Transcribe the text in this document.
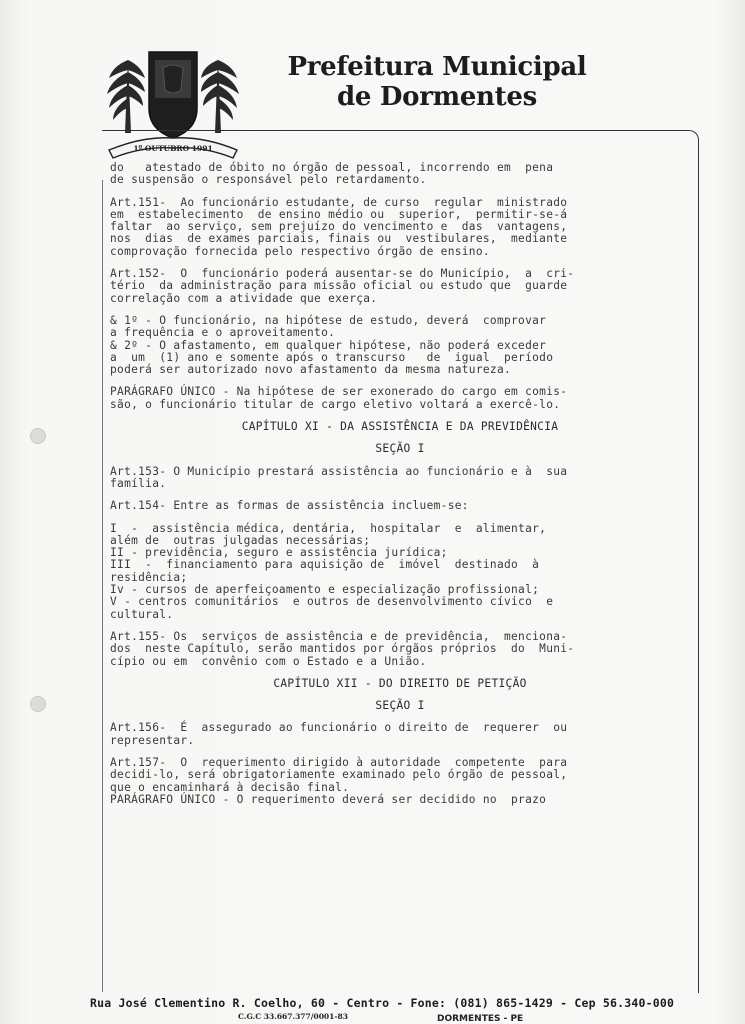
1º OUTUBRO 1991
Prefeitura Municipal
de Dormentes
do   atestado de óbito no órgão de pessoal, incorrendo em  pena
de suspensão o responsável pelo retardamento.
Art.151-  Ao funcionário estudante, de curso  regular  ministrado
em  estabelecimento  de ensino médio ou  superior,  permitir-se-á
faltar  ao serviço, sem prejuízo do vencimento e  das  vantagens,
nos  dias  de exames parciais, finais ou  vestibulares,  mediante
comprovação fornecida pelo respectivo órgão de ensino.
Art.152-  O  funcionário poderá ausentar-se do Município,  a  cri-
tério  da administração para missão oficial ou estudo que  guarde
correlação com a atividade que exerça.
& 1º - O funcionário, na hipótese de estudo, deverá  comprovar
a frequência e o aproveitamento.
& 2º - O afastamento, em qualquer hipótese, não poderá exceder
a  um  (1) ano e somente após o transcurso   de  igual  período
poderá ser autorizado novo afastamento da mesma natureza.
PARÁGRAFO ÚNICO - Na hipótese de ser exonerado do cargo em comis-
são, o funcionário titular de cargo eletivo voltará a exercê-lo.
CAPÍTULO XI - DA ASSISTÊNCIA E DA PREVIDÊNCIA
SEÇÃO I
Art.153- O Município prestará assistência ao funcionário e à  sua
família.
Art.154- Entre as formas de assistência incluem-se:
I  -  assistência médica, dentária,  hospitalar  e  alimentar,
além de  outras julgadas necessárias;
II - previdência, seguro e assistência jurídica;
III  -  financiamento para aquisição de  imóvel  destinado  à
residência;
Iv - cursos de aperfeiçoamento e especialização profissional;
V - centros comunitários  e outros de desenvolvimento cívico  e
cultural.
Art.155- Os  serviços de assistência e de previdência,  menciona-
dos  neste Capítulo, serão mantidos por órgãos próprios  do  Muni-
cípio ou em  convênio com o Estado e a União.
CAPÍTULO XII - DO DIREITO DE PETIÇÃO
SEÇÃO I
Art.156-  É  assegurado ao funcionário o direito de  requerer  ou
representar.
Art.157-  O  requerimento dirigido à autoridade  competente  para
decidi-lo, será obrigatoriamente examinado pelo órgão de pessoal,
que o encaminhará à decisão final.
PARÁGRAFO ÚNICO - O requerimento deverá ser decidido no  prazo
Rua José Clementino R. Coelho, 60 - Centro - Fone: (081) 865-1429 - Cep 56.340-000
C.G.C 33.667.377/0001-83	DORMENTES - PE
